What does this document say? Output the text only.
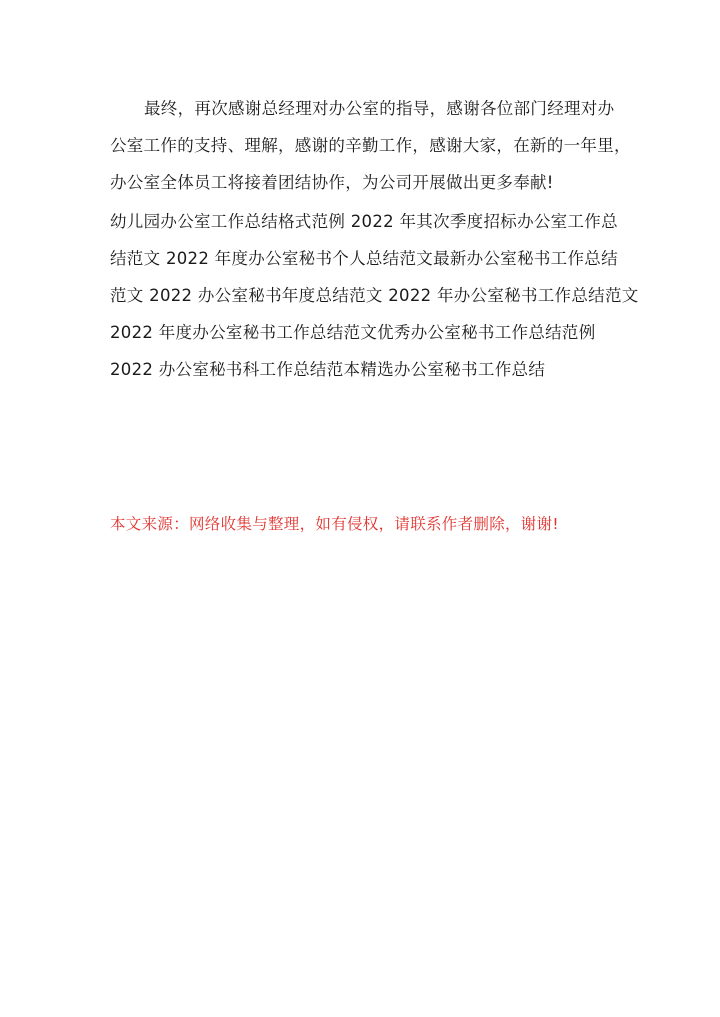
最终，再次感谢总经理对办公室的指导，感谢各位部门经理对办
公室工作的支持、理解，感谢的辛勤工作，感谢大家，在新的一年里，
办公室全体员工将接着团结协作，为公司开展做出更多奉献!
幼儿园办公室工作总结格式范例 2022 年其次季度招标办公室工作总
结范文 2022 年度办公室秘书个人总结范文最新办公室秘书工作总结
范文 2022 办公室秘书年度总结范文 2022 年办公室秘书工作总结范文
2022 年度办公室秘书工作总结范文优秀办公室秘书工作总结范例
2022 办公室秘书科工作总结范本精选办公室秘书工作总结
本文来源：网络收集与整理，如有侵权，请联系作者删除，谢谢!
